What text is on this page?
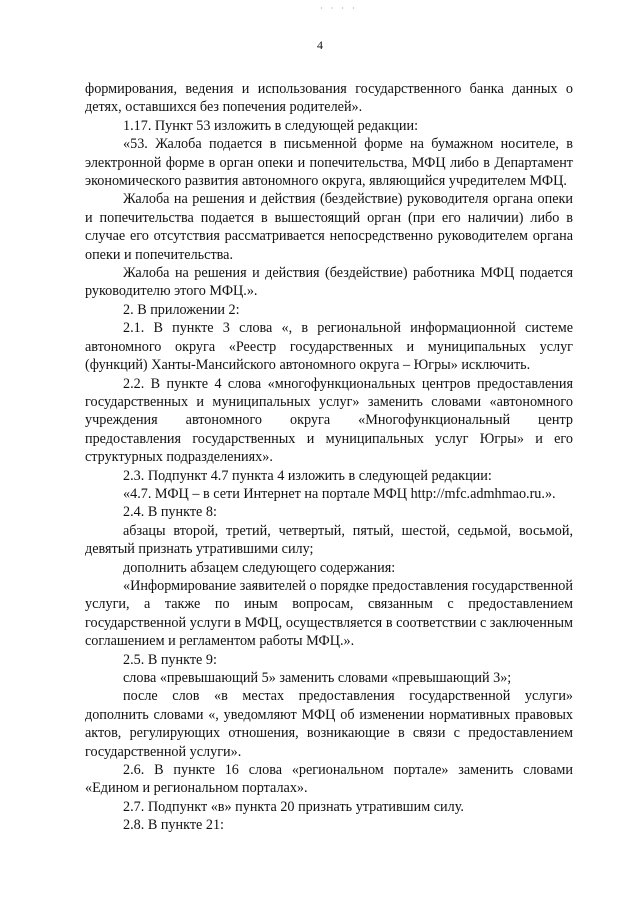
· · · ·
4

формирования, ведения и использования государственного банка данных о детях, оставшихся без попечения родителей».

1.17. Пункт 53 изложить в следующей редакции:

«53. Жалоба подается в письменной форме на бумажном носителе, в электронной форме в орган опеки и попечительства, МФЦ либо в Департамент экономического развития автономного округа, являющийся учредителем МФЦ.

Жалоба на решения и действия (бездействие) руководителя органа опеки и попечительства подается в вышестоящий орган (при его наличии) либо в случае его отсутствия рассматривается непосредственно руководителем органа опеки и попечительства.

Жалоба на решения и действия (бездействие) работника МФЦ подается руководителю этого МФЦ.».

2. В приложении 2:

2.1. В пункте 3 слова «, в региональной информационной системе автономного округа «Реестр государственных и муниципальных услуг (функций) Ханты-Мансийского автономного округа – Югры» исключить.

2.2. В пункте 4 слова «многофункциональных центров предоставления государственных и муниципальных услуг» заменить словами «автономного учреждения автономного округа «Многофункциональный центр предоставления государственных и муниципальных услуг Югры» и его структурных подразделениях».

2.3. Подпункт 4.7 пункта 4 изложить в следующей редакции:

«4.7. МФЦ – в сети Интернет на портале МФЦ http://mfc.admhmao.ru.».

2.4. В пункте 8:

абзацы второй, третий, четвертый, пятый, шестой, седьмой, восьмой, девятый признать утратившими силу;

дополнить абзацем следующего содержания:

«Информирование заявителей о порядке предоставления государственной услуги, а также по иным вопросам, связанным с предоставлением государственной услуги в МФЦ, осуществляется в соответствии с заключенным соглашением и регламентом работы МФЦ.».

2.5. В пункте 9:

слова «превышающий 5» заменить словами «превышающий 3»;

после слов «в местах предоставления государственной услуги» дополнить словами «, уведомляют МФЦ об изменении нормативных правовых актов, регулирующих отношения, возникающие в связи с предоставлением государственной услуги».

2.6. В пункте 16 слова «региональном портале» заменить словами «Едином и региональном порталах».

2.7. Подпункт «в» пункта 20 признать утратившим силу.

2.8. В пункте 21:
